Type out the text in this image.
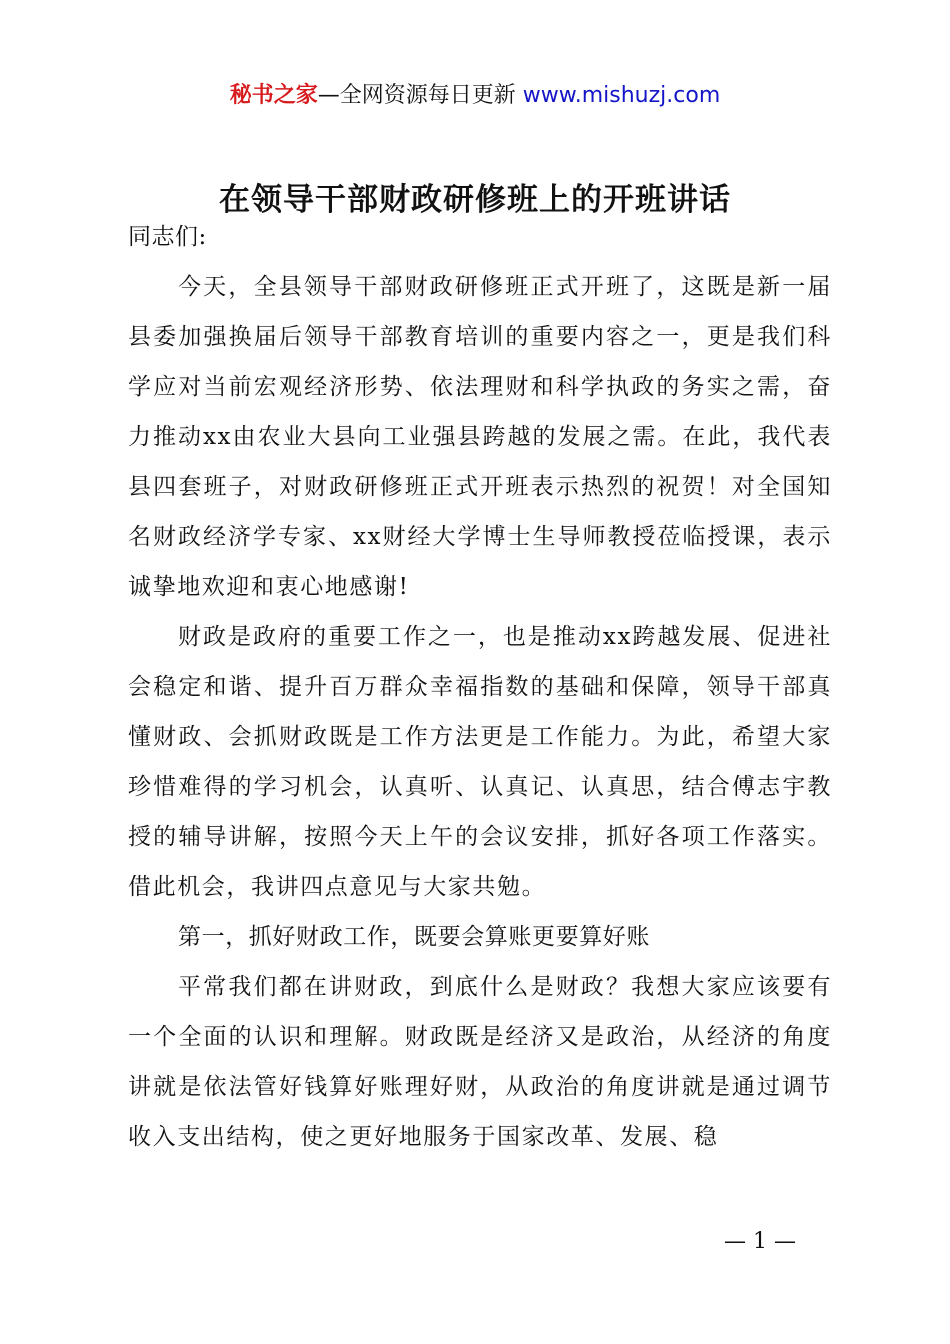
秘书之家—全网资源每日更新 www.mishuzj.com
在领导干部财政研修班上的开班讲话

同志们:

今天，全县领导干部财政研修班正式开班了，这既是新一届县委加强换届后领导干部教育培训的重要内容之一，更是我们科学应对当前宏观经济形势、依法理财和科学执政的务实之需，奋力推动xx由农业大县向工业强县跨越的发展之需。在此，我代表县四套班子，对财政研修班正式开班表示热烈的祝贺！对全国知名财政经济学专家、xx财经大学博士生导师教授莅临授课，表示诚挚地欢迎和衷心地感谢!

财政是政府的重要工作之一，也是推动xx跨越发展、促进社会稳定和谐、提升百万群众幸福指数的基础和保障，领导干部真懂财政、会抓财政既是工作方法更是工作能力。为此，希望大家珍惜难得的学习机会，认真听、认真记、认真思，结合傅志宇教授的辅导讲解，按照今天上午的会议安排，抓好各项工作落实。借此机会，我讲四点意见与大家共勉。

第一，抓好财政工作，既要会算账更要算好账

平常我们都在讲财政，到底什么是财政？我想大家应该要有一个全面的认识和理解。财政既是经济又是政治，从经济的角度讲就是依法管好钱算好账理好财，从政治的角度讲就是通过调节收入支出结构，使之更好地服务于国家改革、发展、稳

— 1 —
